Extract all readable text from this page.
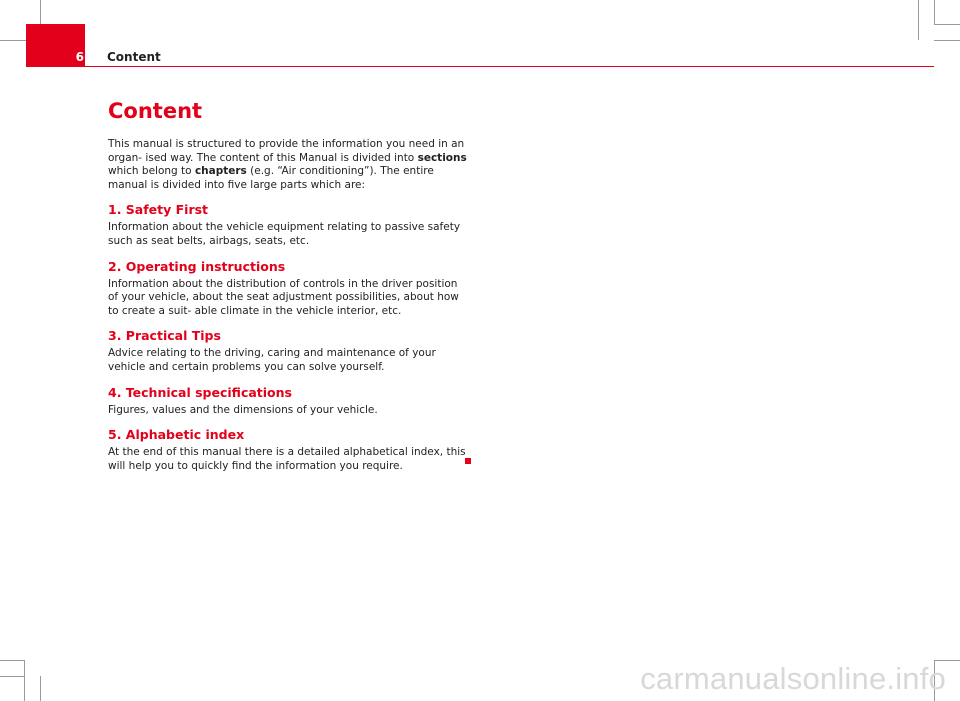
6 Content
Content

This manual is structured to provide the information you need in an organ- ised way. The content of this Manual is divided into sections which belong to chapters (e.g. “Air conditioning”). The entire manual is divided into five large parts which are:

1. Safety First

Information about the vehicle equipment relating to passive safety such as seat belts, airbags, seats, etc.

2. Operating instructions

Information about the distribution of controls in the driver position of your vehicle, about the seat adjustment possibilities, about how to create a suit- able climate in the vehicle interior, etc.

3. Practical Tips

Advice relating to the driving, caring and maintenance of your vehicle and certain problems you can solve yourself.

4. Technical specifications

Figures, values and the dimensions of your vehicle.

5. Alphabetic index

At the end of this manual there is a detailed alphabetical index, this will help you to quickly find the information you require.

carmanualsonline.info
